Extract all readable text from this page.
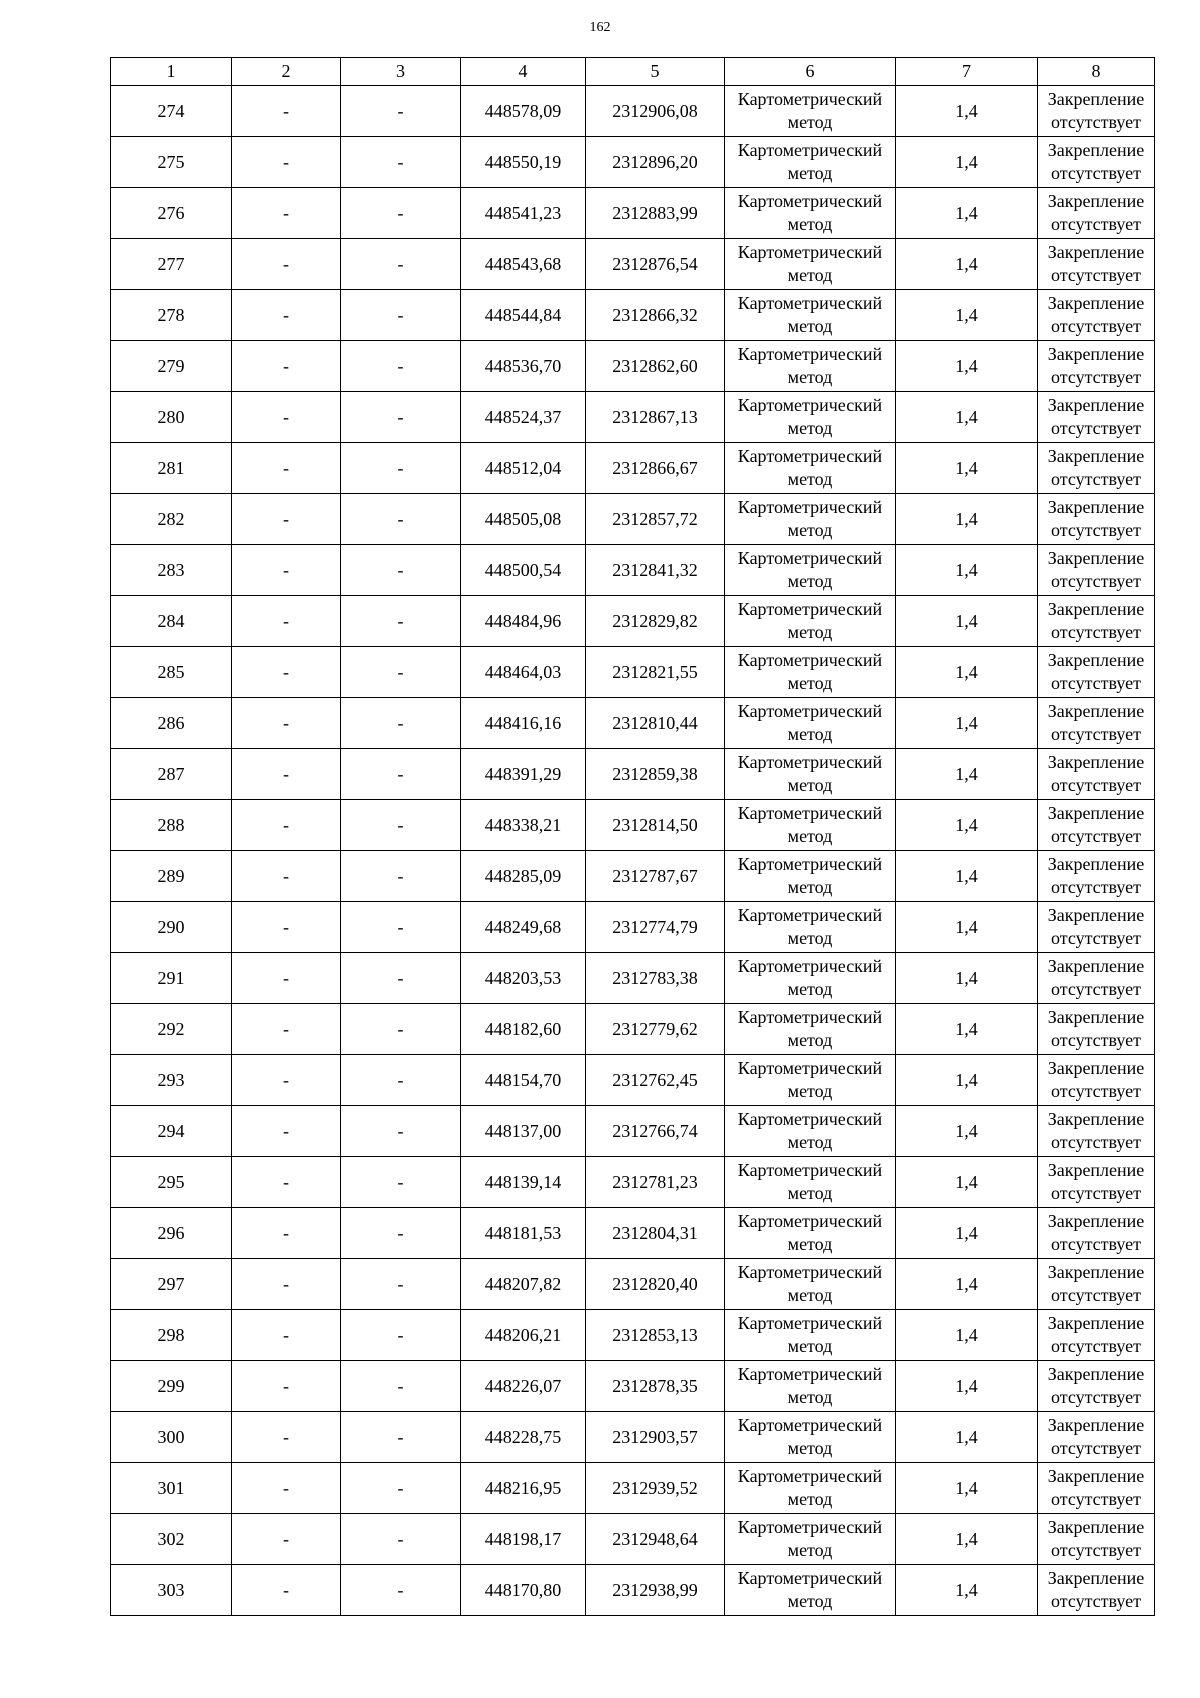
162
1	2	3	4	5	6	7	8
274	-	-	448578,09	2312906,08	Картометрический метод	1,4	Закрепление отсутствует
275	-	-	448550,19	2312896,20	Картометрический метод	1,4	Закрепление отсутствует
276	-	-	448541,23	2312883,99	Картометрический метод	1,4	Закрепление отсутствует
277	-	-	448543,68	2312876,54	Картометрический метод	1,4	Закрепление отсутствует
278	-	-	448544,84	2312866,32	Картометрический метод	1,4	Закрепление отсутствует
279	-	-	448536,70	2312862,60	Картометрический метод	1,4	Закрепление отсутствует
280	-	-	448524,37	2312867,13	Картометрический метод	1,4	Закрепление отсутствует
281	-	-	448512,04	2312866,67	Картометрический метод	1,4	Закрепление отсутствует
282	-	-	448505,08	2312857,72	Картометрический метод	1,4	Закрепление отсутствует
283	-	-	448500,54	2312841,32	Картометрический метод	1,4	Закрепление отсутствует
284	-	-	448484,96	2312829,82	Картометрический метод	1,4	Закрепление отсутствует
285	-	-	448464,03	2312821,55	Картометрический метод	1,4	Закрепление отсутствует
286	-	-	448416,16	2312810,44	Картометрический метод	1,4	Закрепление отсутствует
287	-	-	448391,29	2312859,38	Картометрический метод	1,4	Закрепление отсутствует
288	-	-	448338,21	2312814,50	Картометрический метод	1,4	Закрепление отсутствует
289	-	-	448285,09	2312787,67	Картометрический метод	1,4	Закрепление отсутствует
290	-	-	448249,68	2312774,79	Картометрический метод	1,4	Закрепление отсутствует
291	-	-	448203,53	2312783,38	Картометрический метод	1,4	Закрепление отсутствует
292	-	-	448182,60	2312779,62	Картометрический метод	1,4	Закрепление отсутствует
293	-	-	448154,70	2312762,45	Картометрический метод	1,4	Закрепление отсутствует
294	-	-	448137,00	2312766,74	Картометрический метод	1,4	Закрепление отсутствует
295	-	-	448139,14	2312781,23	Картометрический метод	1,4	Закрепление отсутствует
296	-	-	448181,53	2312804,31	Картометрический метод	1,4	Закрепление отсутствует
297	-	-	448207,82	2312820,40	Картометрический метод	1,4	Закрепление отсутствует
298	-	-	448206,21	2312853,13	Картометрический метод	1,4	Закрепление отсутствует
299	-	-	448226,07	2312878,35	Картометрический метод	1,4	Закрепление отсутствует
300	-	-	448228,75	2312903,57	Картометрический метод	1,4	Закрепление отсутствует
301	-	-	448216,95	2312939,52	Картометрический метод	1,4	Закрепление отсутствует
302	-	-	448198,17	2312948,64	Картометрический метод	1,4	Закрепление отсутствует
303	-	-	448170,80	2312938,99	Картометрический метод	1,4	Закрепление отсутствует
